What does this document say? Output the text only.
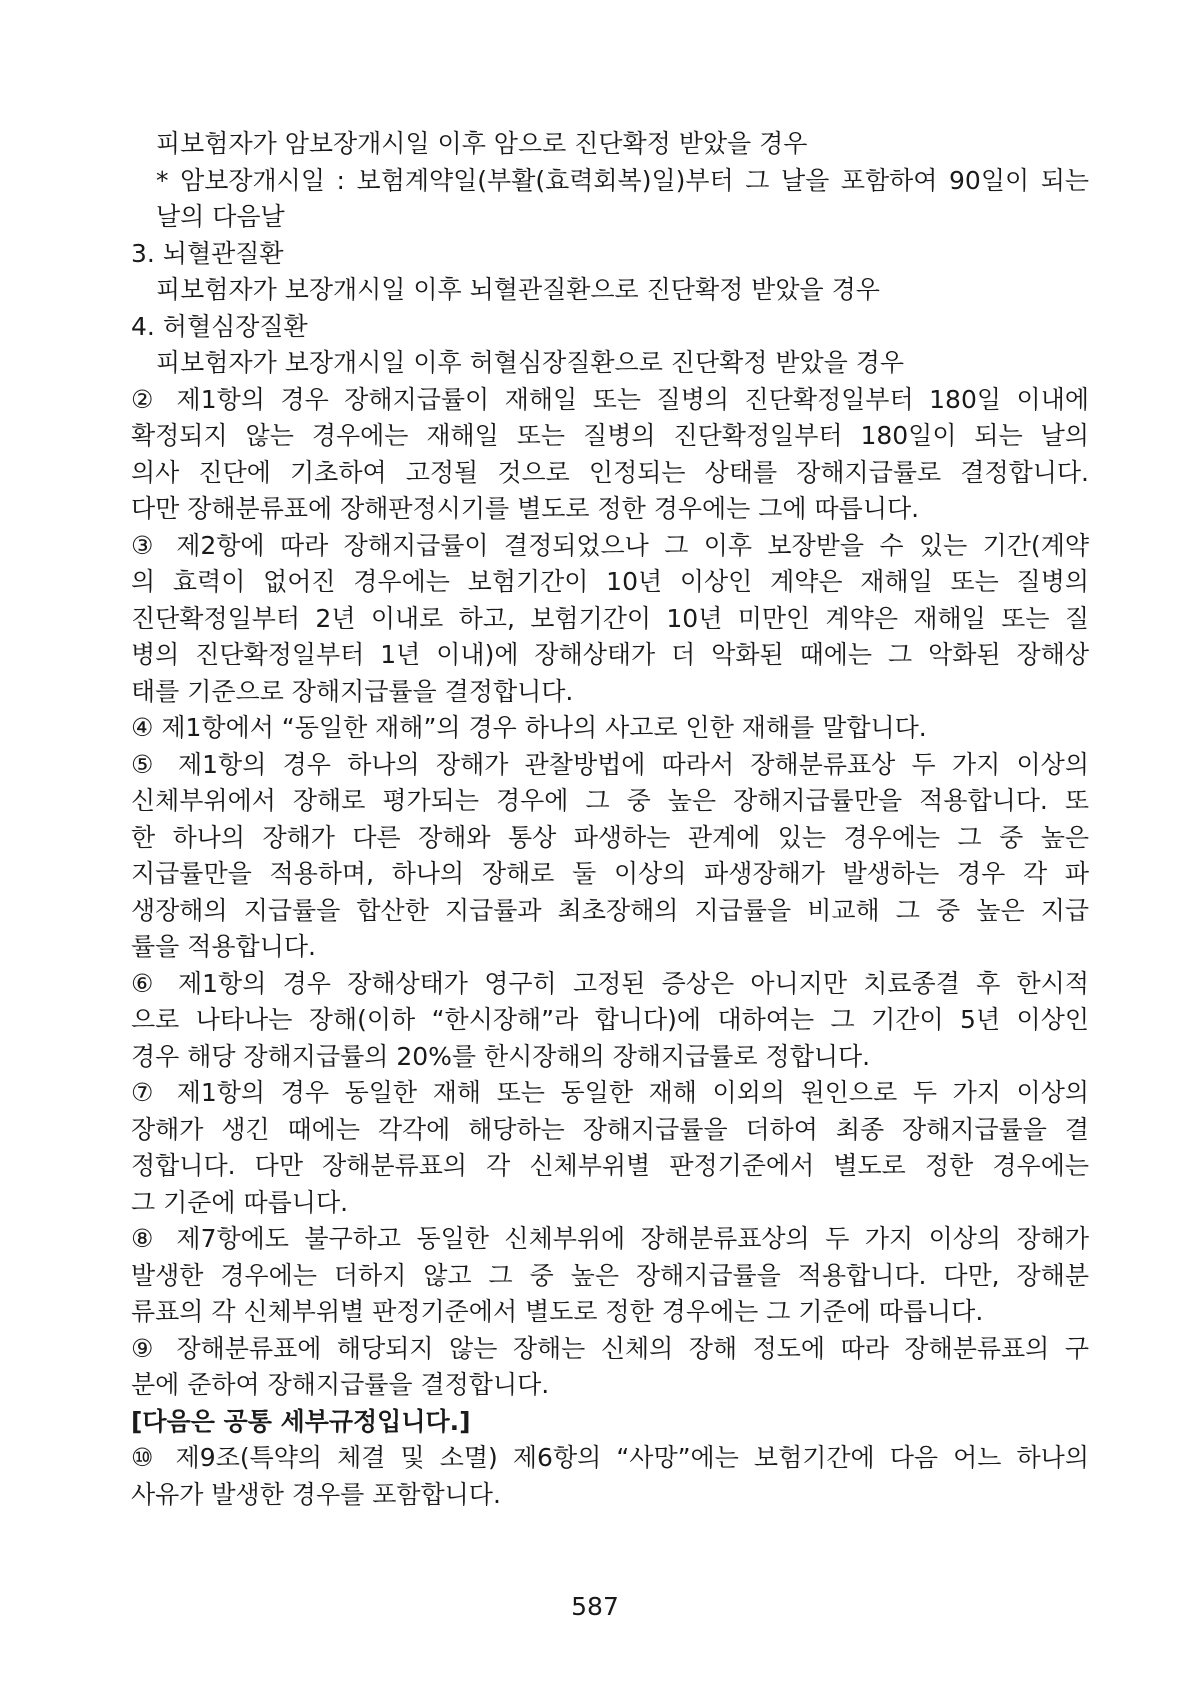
피보험자가 암보장개시일 이후 암으로 진단확정 받았을 경우

* 암보장개시일 : 보험계약일(부활(효력회복)일)부터 그 날을 포함하여 90일이 되는

날의 다음날

3. 뇌혈관질환

피보험자가 보장개시일 이후 뇌혈관질환으로 진단확정 받았을 경우

4. 허혈심장질환

피보험자가 보장개시일 이후 허혈심장질환으로 진단확정 받았을 경우

② 제1항의 경우 장해지급률이 재해일 또는 질병의 진단확정일부터 180일 이내에

확정되지 않는 경우에는 재해일 또는 질병의 진단확정일부터 180일이 되는 날의

의사 진단에 기초하여 고정될 것으로 인정되는 상태를 장해지급률로 결정합니다.

다만 장해분류표에 장해판정시기를 별도로 정한 경우에는 그에 따릅니다.

③ 제2항에 따라 장해지급률이 결정되었으나 그 이후 보장받을 수 있는 기간(계약

의 효력이 없어진 경우에는 보험기간이 10년 이상인 계약은 재해일 또는 질병의

진단확정일부터 2년 이내로 하고, 보험기간이 10년 미만인 계약은 재해일 또는 질

병의 진단확정일부터 1년 이내)에 장해상태가 더 악화된 때에는 그 악화된 장해상

태를 기준으로 장해지급률을 결정합니다.

④ 제1항에서 “동일한 재해”의 경우 하나의 사고로 인한 재해를 말합니다.

⑤ 제1항의 경우 하나의 장해가 관찰방법에 따라서 장해분류표상 두 가지 이상의

신체부위에서 장해로 평가되는 경우에 그 중 높은 장해지급률만을 적용합니다. 또

한 하나의 장해가 다른 장해와 통상 파생하는 관계에 있는 경우에는 그 중 높은

지급률만을 적용하며, 하나의 장해로 둘 이상의 파생장해가 발생하는 경우 각 파

생장해의 지급률을 합산한 지급률과 최초장해의 지급률을 비교해 그 중 높은 지급

률을 적용합니다.

⑥ 제1항의 경우 장해상태가 영구히 고정된 증상은 아니지만 치료종결 후 한시적

으로 나타나는 장해(이하 “한시장해”라 합니다)에 대하여는 그 기간이 5년 이상인

경우 해당 장해지급률의 20%를 한시장해의 장해지급률로 정합니다.

⑦ 제1항의 경우 동일한 재해 또는 동일한 재해 이외의 원인으로 두 가지 이상의

장해가 생긴 때에는 각각에 해당하는 장해지급률을 더하여 최종 장해지급률을 결

정합니다. 다만 장해분류표의 각 신체부위별 판정기준에서 별도로 정한 경우에는

그 기준에 따릅니다.

⑧ 제7항에도 불구하고 동일한 신체부위에 장해분류표상의 두 가지 이상의 장해가

발생한 경우에는 더하지 않고 그 중 높은 장해지급률을 적용합니다. 다만, 장해분

류표의 각 신체부위별 판정기준에서 별도로 정한 경우에는 그 기준에 따릅니다.

⑨ 장해분류표에 해당되지 않는 장해는 신체의 장해 정도에 따라 장해분류표의 구

분에 준하여 장해지급률을 결정합니다.

[다음은 공통 세부규정입니다.]

⑩ 제9조(특약의 체결 및 소멸) 제6항의 “사망”에는 보험기간에 다음 어느 하나의

사유가 발생한 경우를 포함합니다.

587
